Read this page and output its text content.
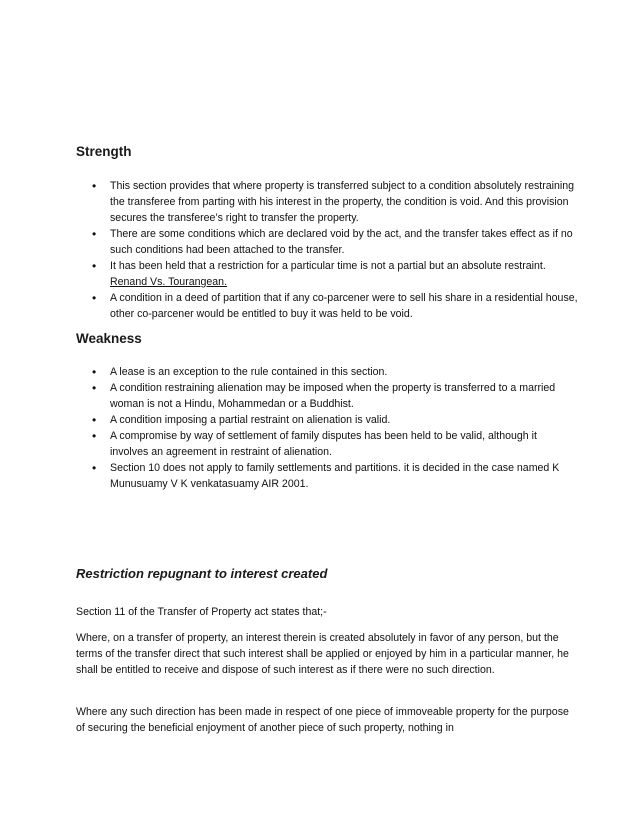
Strength
• This section provides that where property is transferred subject to a condition absolutely restraining the transferee from parting with his interest in the property, the condition is void. And this provision secures the transferee’s right to transfer the property.
• There are some conditions which are declared void by the act, and the transfer takes effect as if no such conditions had been attached to the transfer.
• It has been held that a restriction for a particular time is not a partial but an absolute restraint. Renand Vs. Tourangean.
• A condition in a deed of partition that if any co-parcener were to sell his share in a residential house, other co-parcener would be entitled to buy it was held to be void.
Weakness
• A lease is an exception to the rule contained in this section.
• A condition restraining alienation may be imposed when the property is transferred to a married woman is not a Hindu, Mohammedan or a Buddhist.
• A condition imposing a partial restraint on alienation is valid.
• A compromise by way of settlement of family disputes has been held to be valid, although it involves an agreement in restraint of alienation.
• Section 10 does not apply to family settlements and partitions. it is decided in the case named K Munusuamy V K venkatasuamy AIR 2001.
Restriction repugnant to interest created

Section 11 of the Transfer of Property act states that;-

Where, on a transfer of property, an interest therein is created absolutely in favor of any person, but the terms of the transfer direct that such interest shall be applied or enjoyed by him in a particular manner, he shall be entitled to receive and dispose of such interest as if there were no such direction.

Where any such direction has been made in respect of one piece of immoveable property for the purpose of securing the beneficial enjoyment of another piece of such property, nothing in
